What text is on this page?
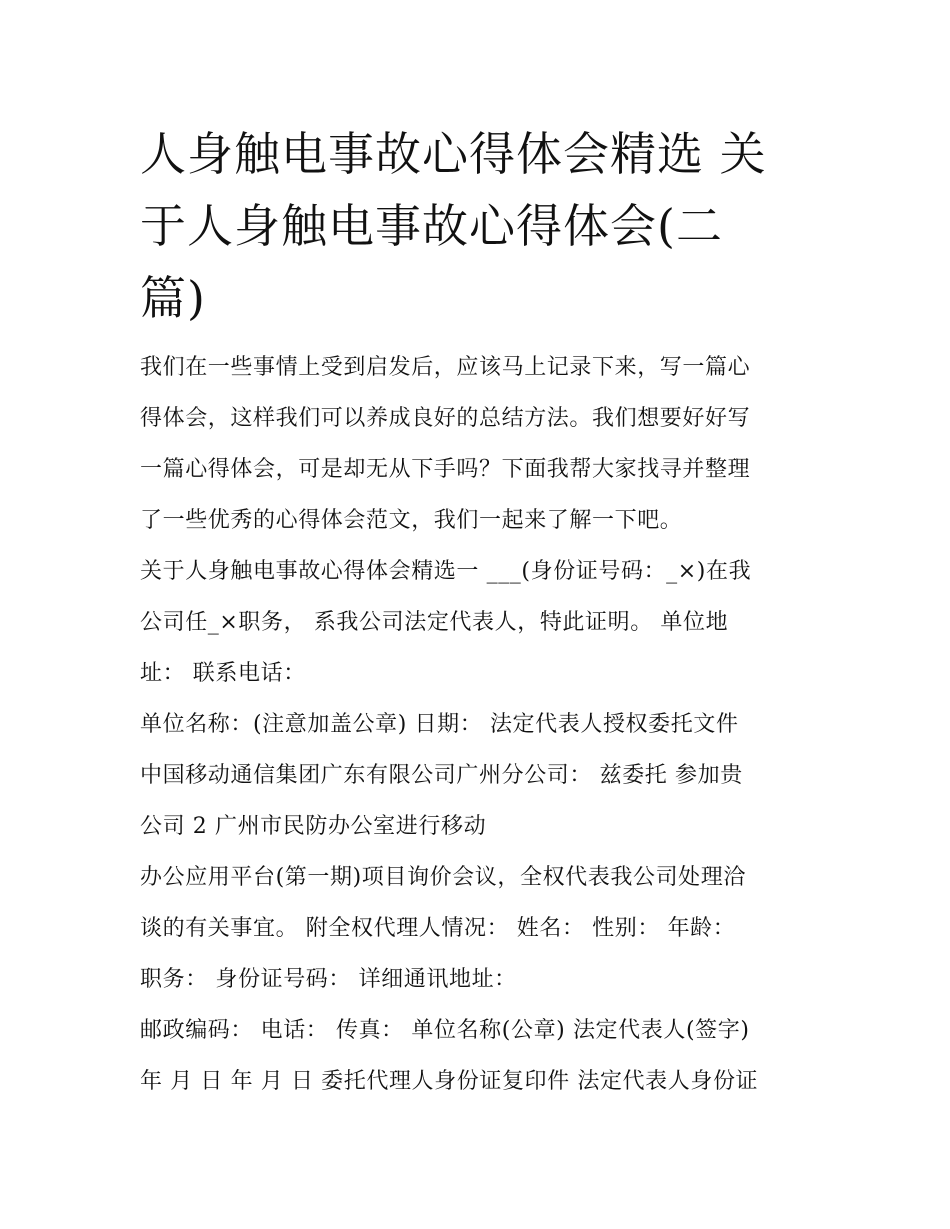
人身触电事故心得体会精选 关
于人身触电事故心得体会(二
篇)

我们在一些事情上受到启发后，应该马上记录下来，写一篇心

得体会，这样我们可以养成良好的总结方法。我们想要好好写

一篇心得体会，可是却无从下手吗？下面我帮大家找寻并整理

了一些优秀的心得体会范文，我们一起来了解一下吧。

关于人身触电事故心得体会精选一 ___(身份证号码：_×)在我

公司任_×职务， 系我公司法定代表人，特此证明。 单位地

址： 联系电话：

单位名称：(注意加盖公章) 日期： 法定代表人授权委托文件

中国移动通信集团广东有限公司广州分公司： 兹委托 参加贵

公司 2 广州市民防办公室进行移动

办公应用平台(第一期)项目询价会议，全权代表我公司处理洽

谈的有关事宜。 附全权代理人情况： 姓名： 性别： 年龄：

职务： 身份证号码： 详细通讯地址：

邮政编码： 电话： 传真： 单位名称(公章) 法定代表人(签字)

年 月 日 年 月 日 委托代理人身份证复印件 法定代表人身份证
